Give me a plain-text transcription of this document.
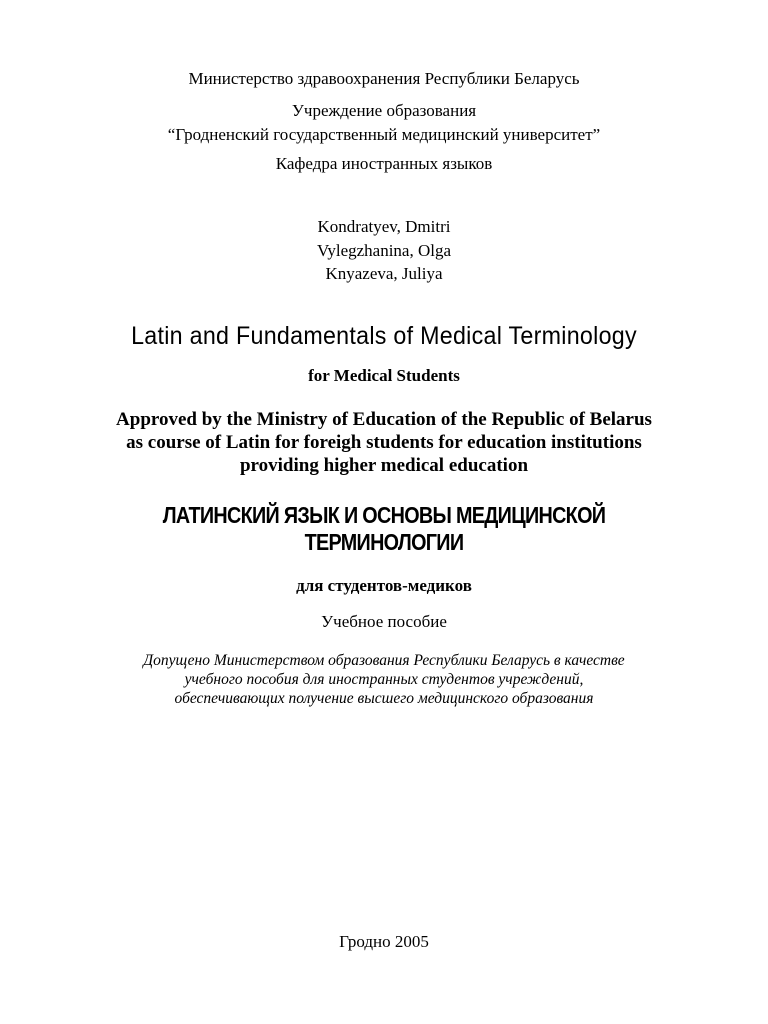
Министерство здравоохранения Республики Беларусь
Учреждение образования
“Гродненский государственный медицинский университет”
Кафедра иностранных языков
Kondratyev, Dmitri
Vylegzhanina, Olga
Knyazeva, Juliya
Latin and Fundamentals of Medical Terminology
for Medical Students
Approved by the Ministry of Education of the Republic of Belarus
as course of Latin for foreigh students for education institutions
providing higher medical education
ЛАТИНСКИЙ ЯЗЫК И ОСНОВЫ МЕДИЦИНСКОЙ
ТЕРМИНОЛОГИИ
для студентов-медиков
Учебное пособие
Допущено Министерством образования Республики Беларусь в качестве
учебного пособия для иностранных студентов учреждений,
обеспечивающих получение высшего медицинского образования
Гродно 2005
